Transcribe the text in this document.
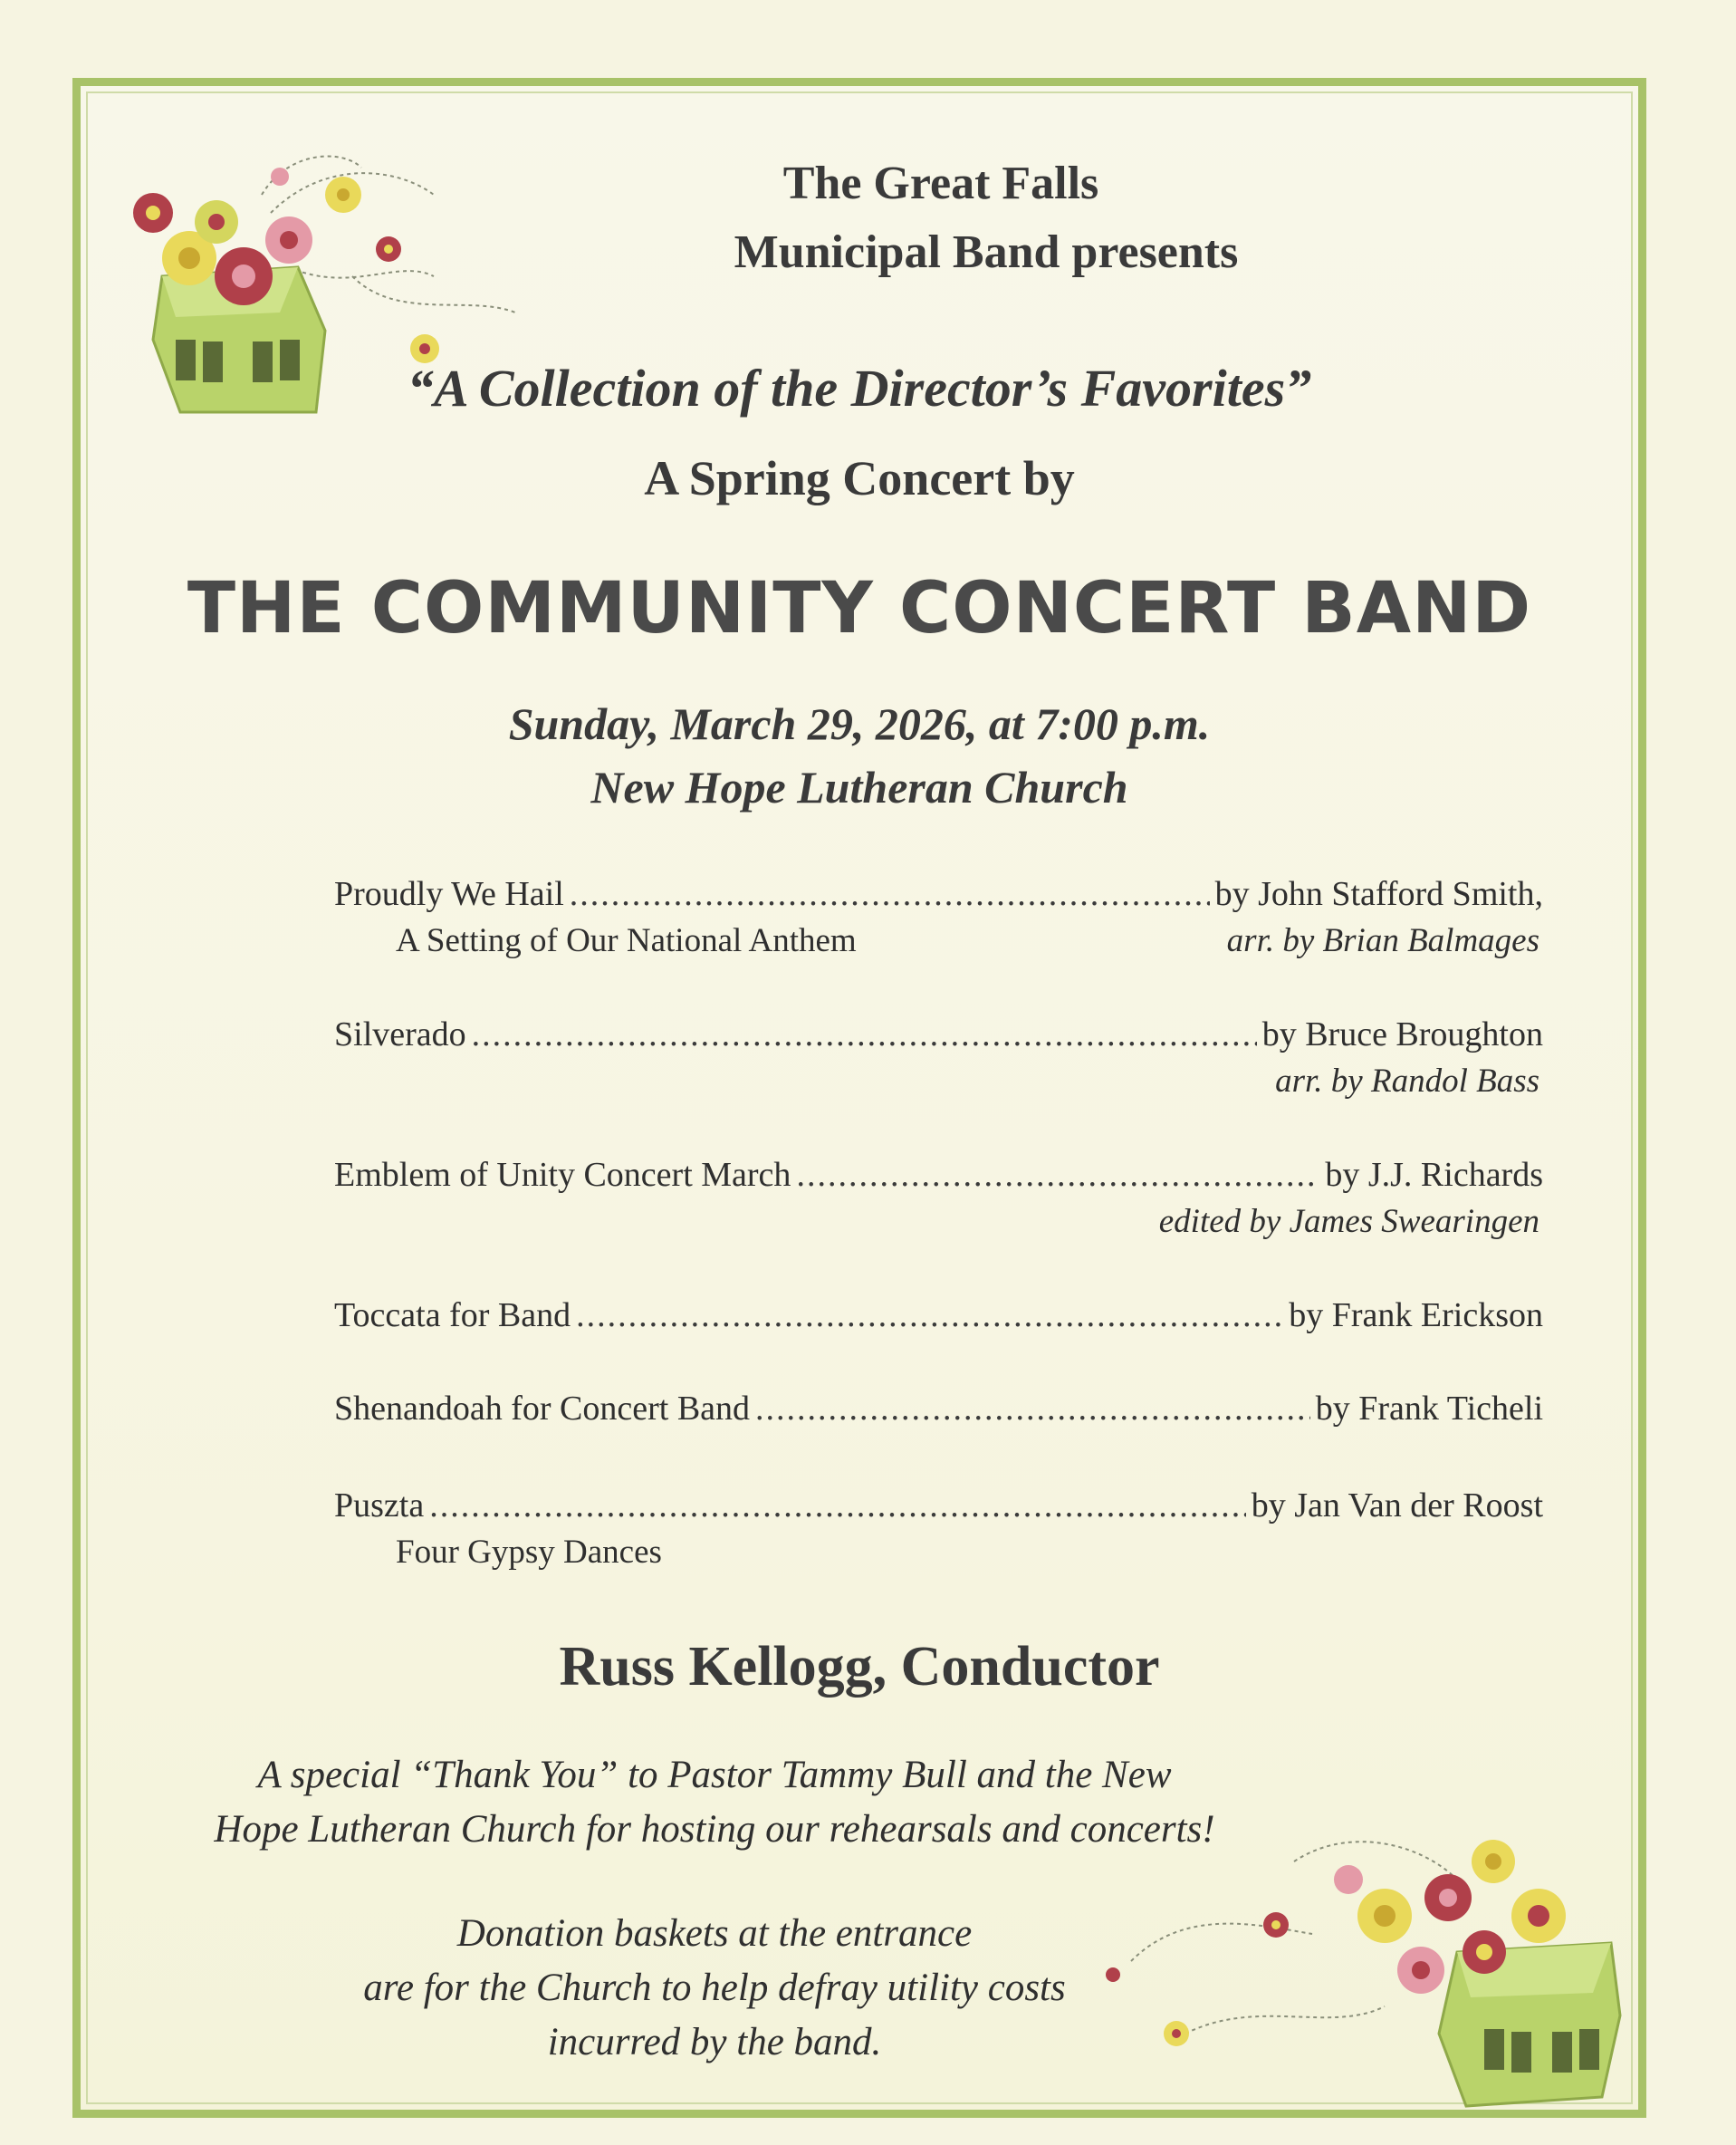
The Great Falls
Municipal Band presents
“A Collection of the Director’s Favorites”
A Spring Concert by
THE COMMUNITY CONCERT BAND
Sunday, March 29, 2026, at 7:00 p.m.
New Hope Lutheran Church
Proudly We Hail .....	by John Stafford Smith,
A Setting of Our National Anthem	arr. by Brian Balmages
Silverado .....	by Bruce Broughton
arr. by Randol Bass
Emblem of Unity Concert March .....	by J.J. Richards
edited by James Swearingen
Toccata for Band .....	by Frank Erickson
Shenandoah for Concert Band .....	by Frank Ticheli
Puszta .....	by Jan Van der Roost
Four Gypsy Dances
Russ Kellogg, Conductor
A special “Thank You” to Pastor Tammy Bull and the New
Hope Lutheran Church for hosting our rehearsals and concerts!
Donation baskets at the entrance
are for the Church to help defray utility costs
incurred by the band.
